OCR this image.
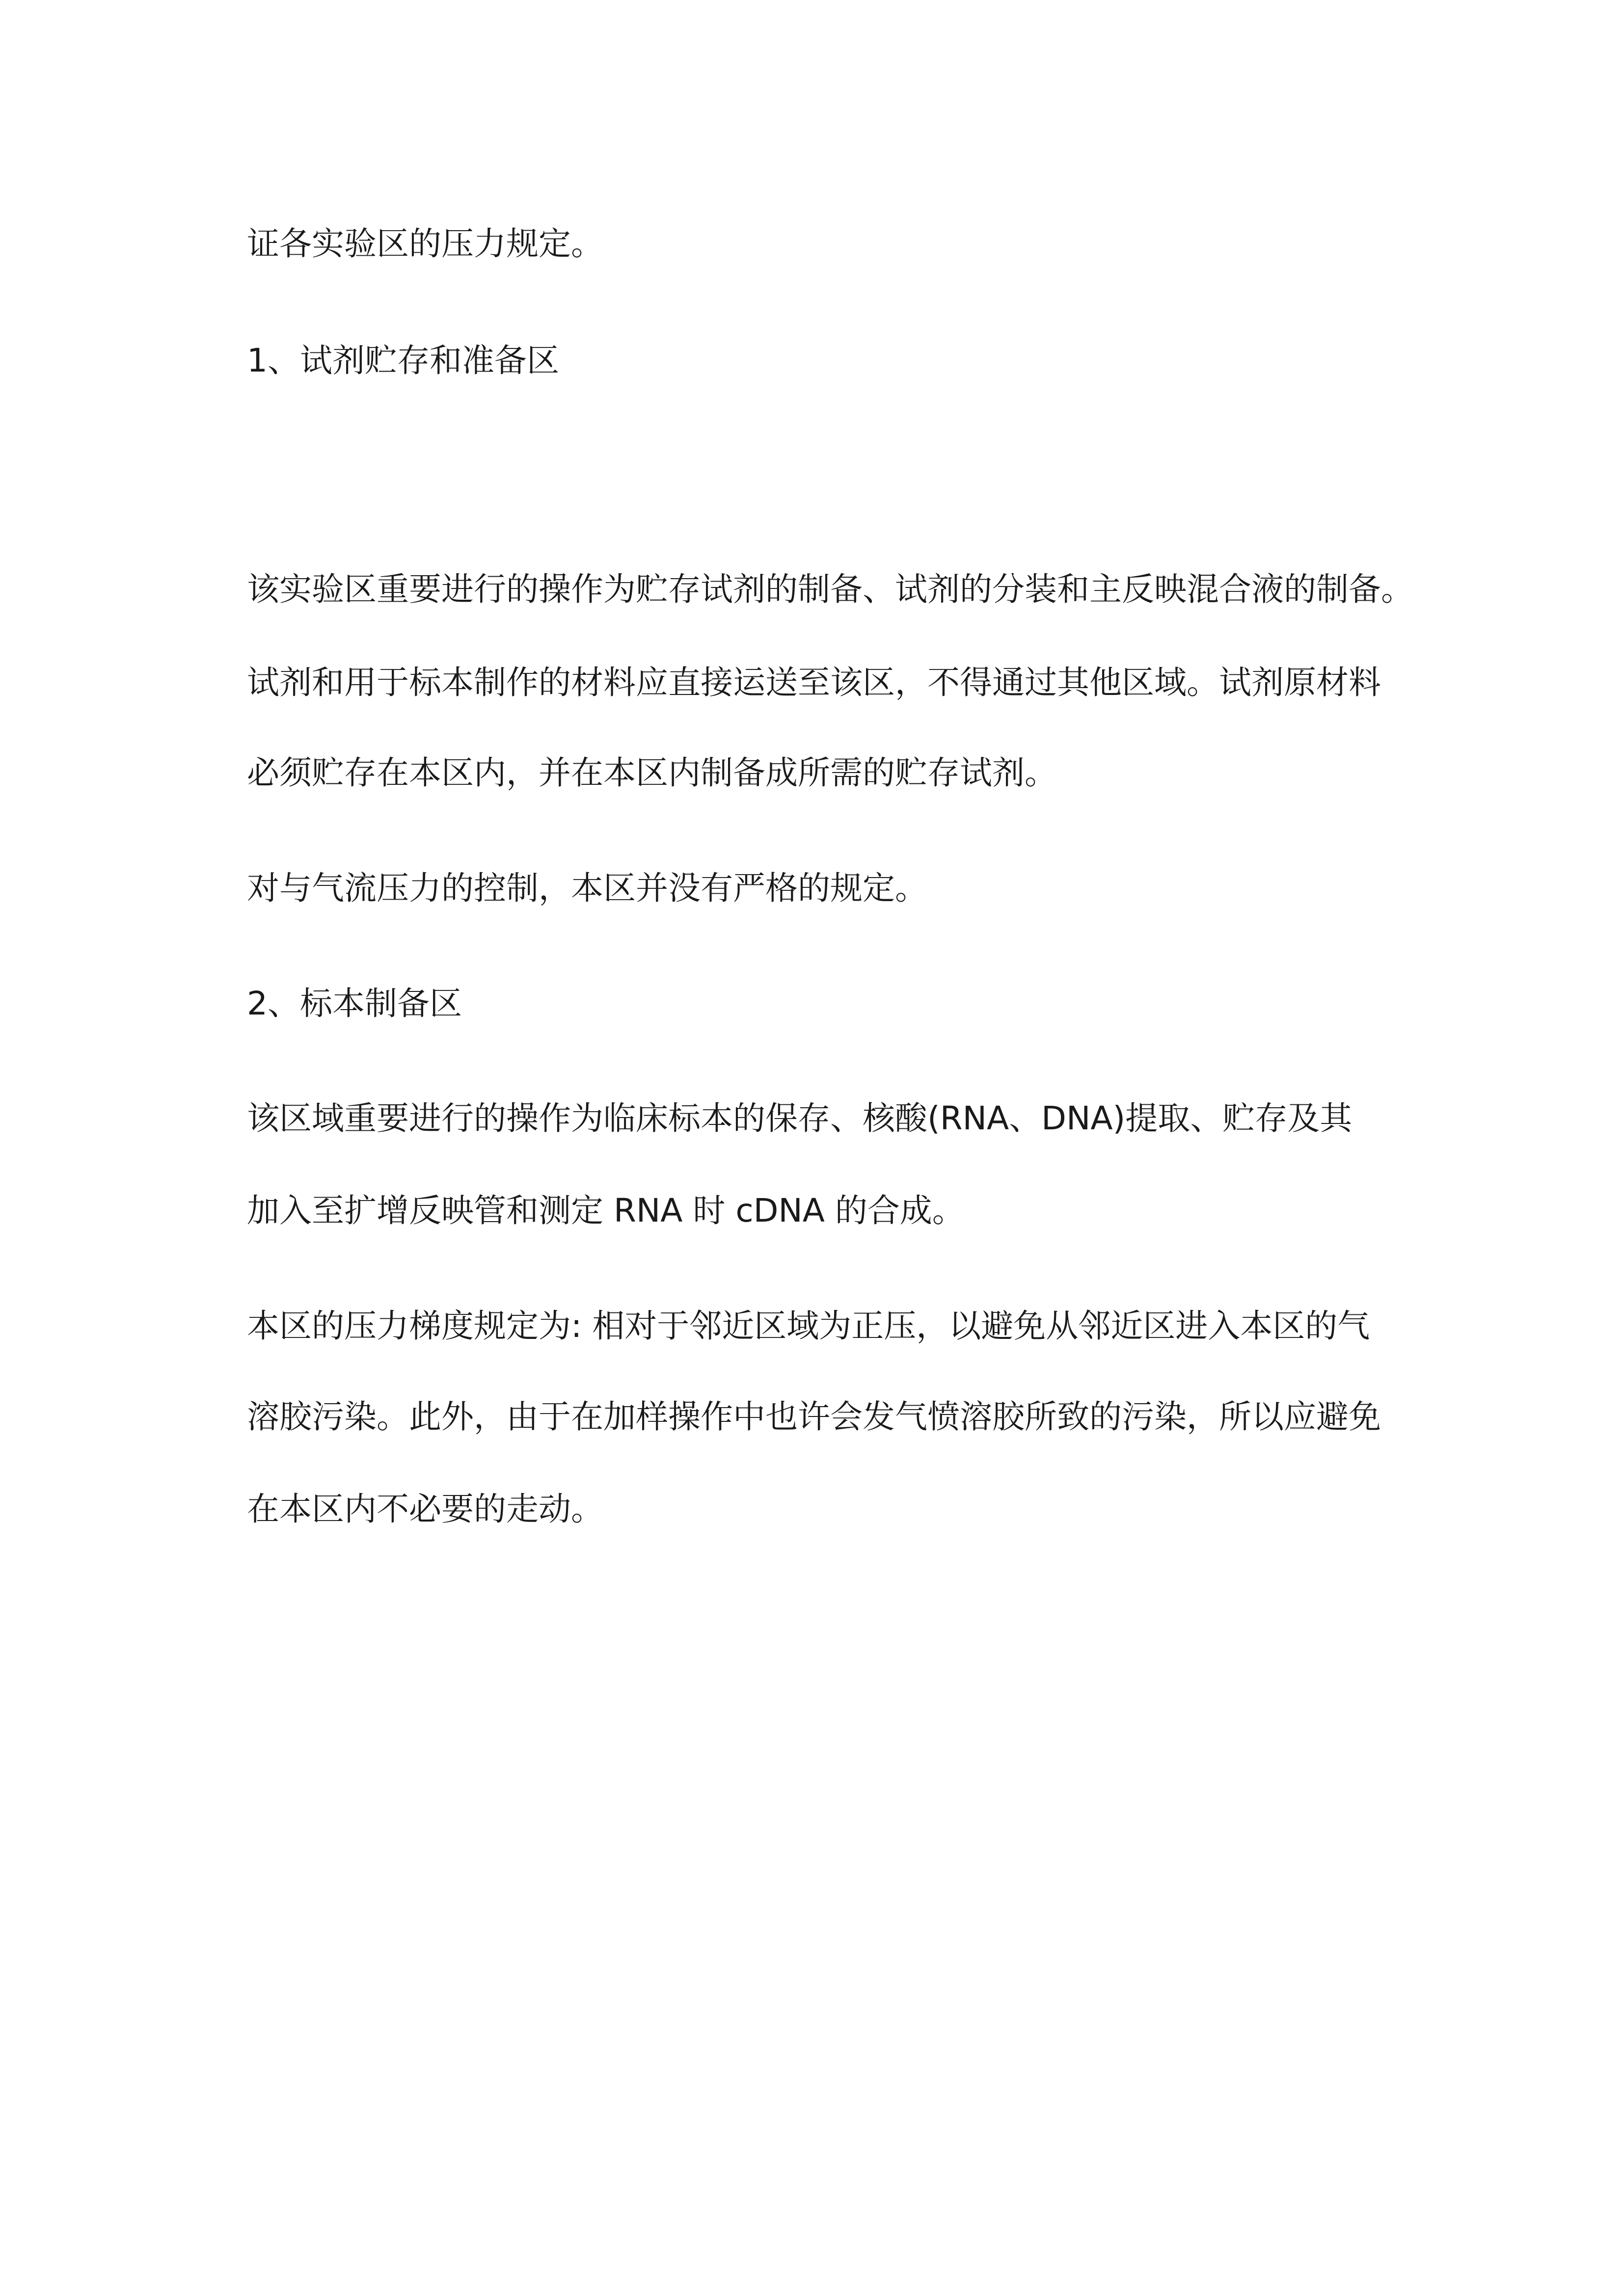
证各实验区的压力规定。
1、试剂贮存和准备区
该实验区重要进行的操作为贮存试剂的制备、试剂的分装和主反映混合液的制备。
试剂和用于标本制作的材料应直接运送至该区，不得通过其他区域。试剂原材料
必须贮存在本区内，并在本区内制备成所需的贮存试剂。
对与气流压力的控制，本区并没有严格的规定。
2、标本制备区
该区域重要进行的操作为临床标本的保存、核酸(RNA、DNA)提取、贮存及其
加入至扩增反映管和测定 RNA 时 cDNA 的合成。
本区的压力梯度规定为: 相对于邻近区域为正压，以避免从邻近区进入本区的气
溶胶污染。此外，由于在加样操作中也许会发气愤溶胶所致的污染，所以应避免
在本区内不必要的走动。
